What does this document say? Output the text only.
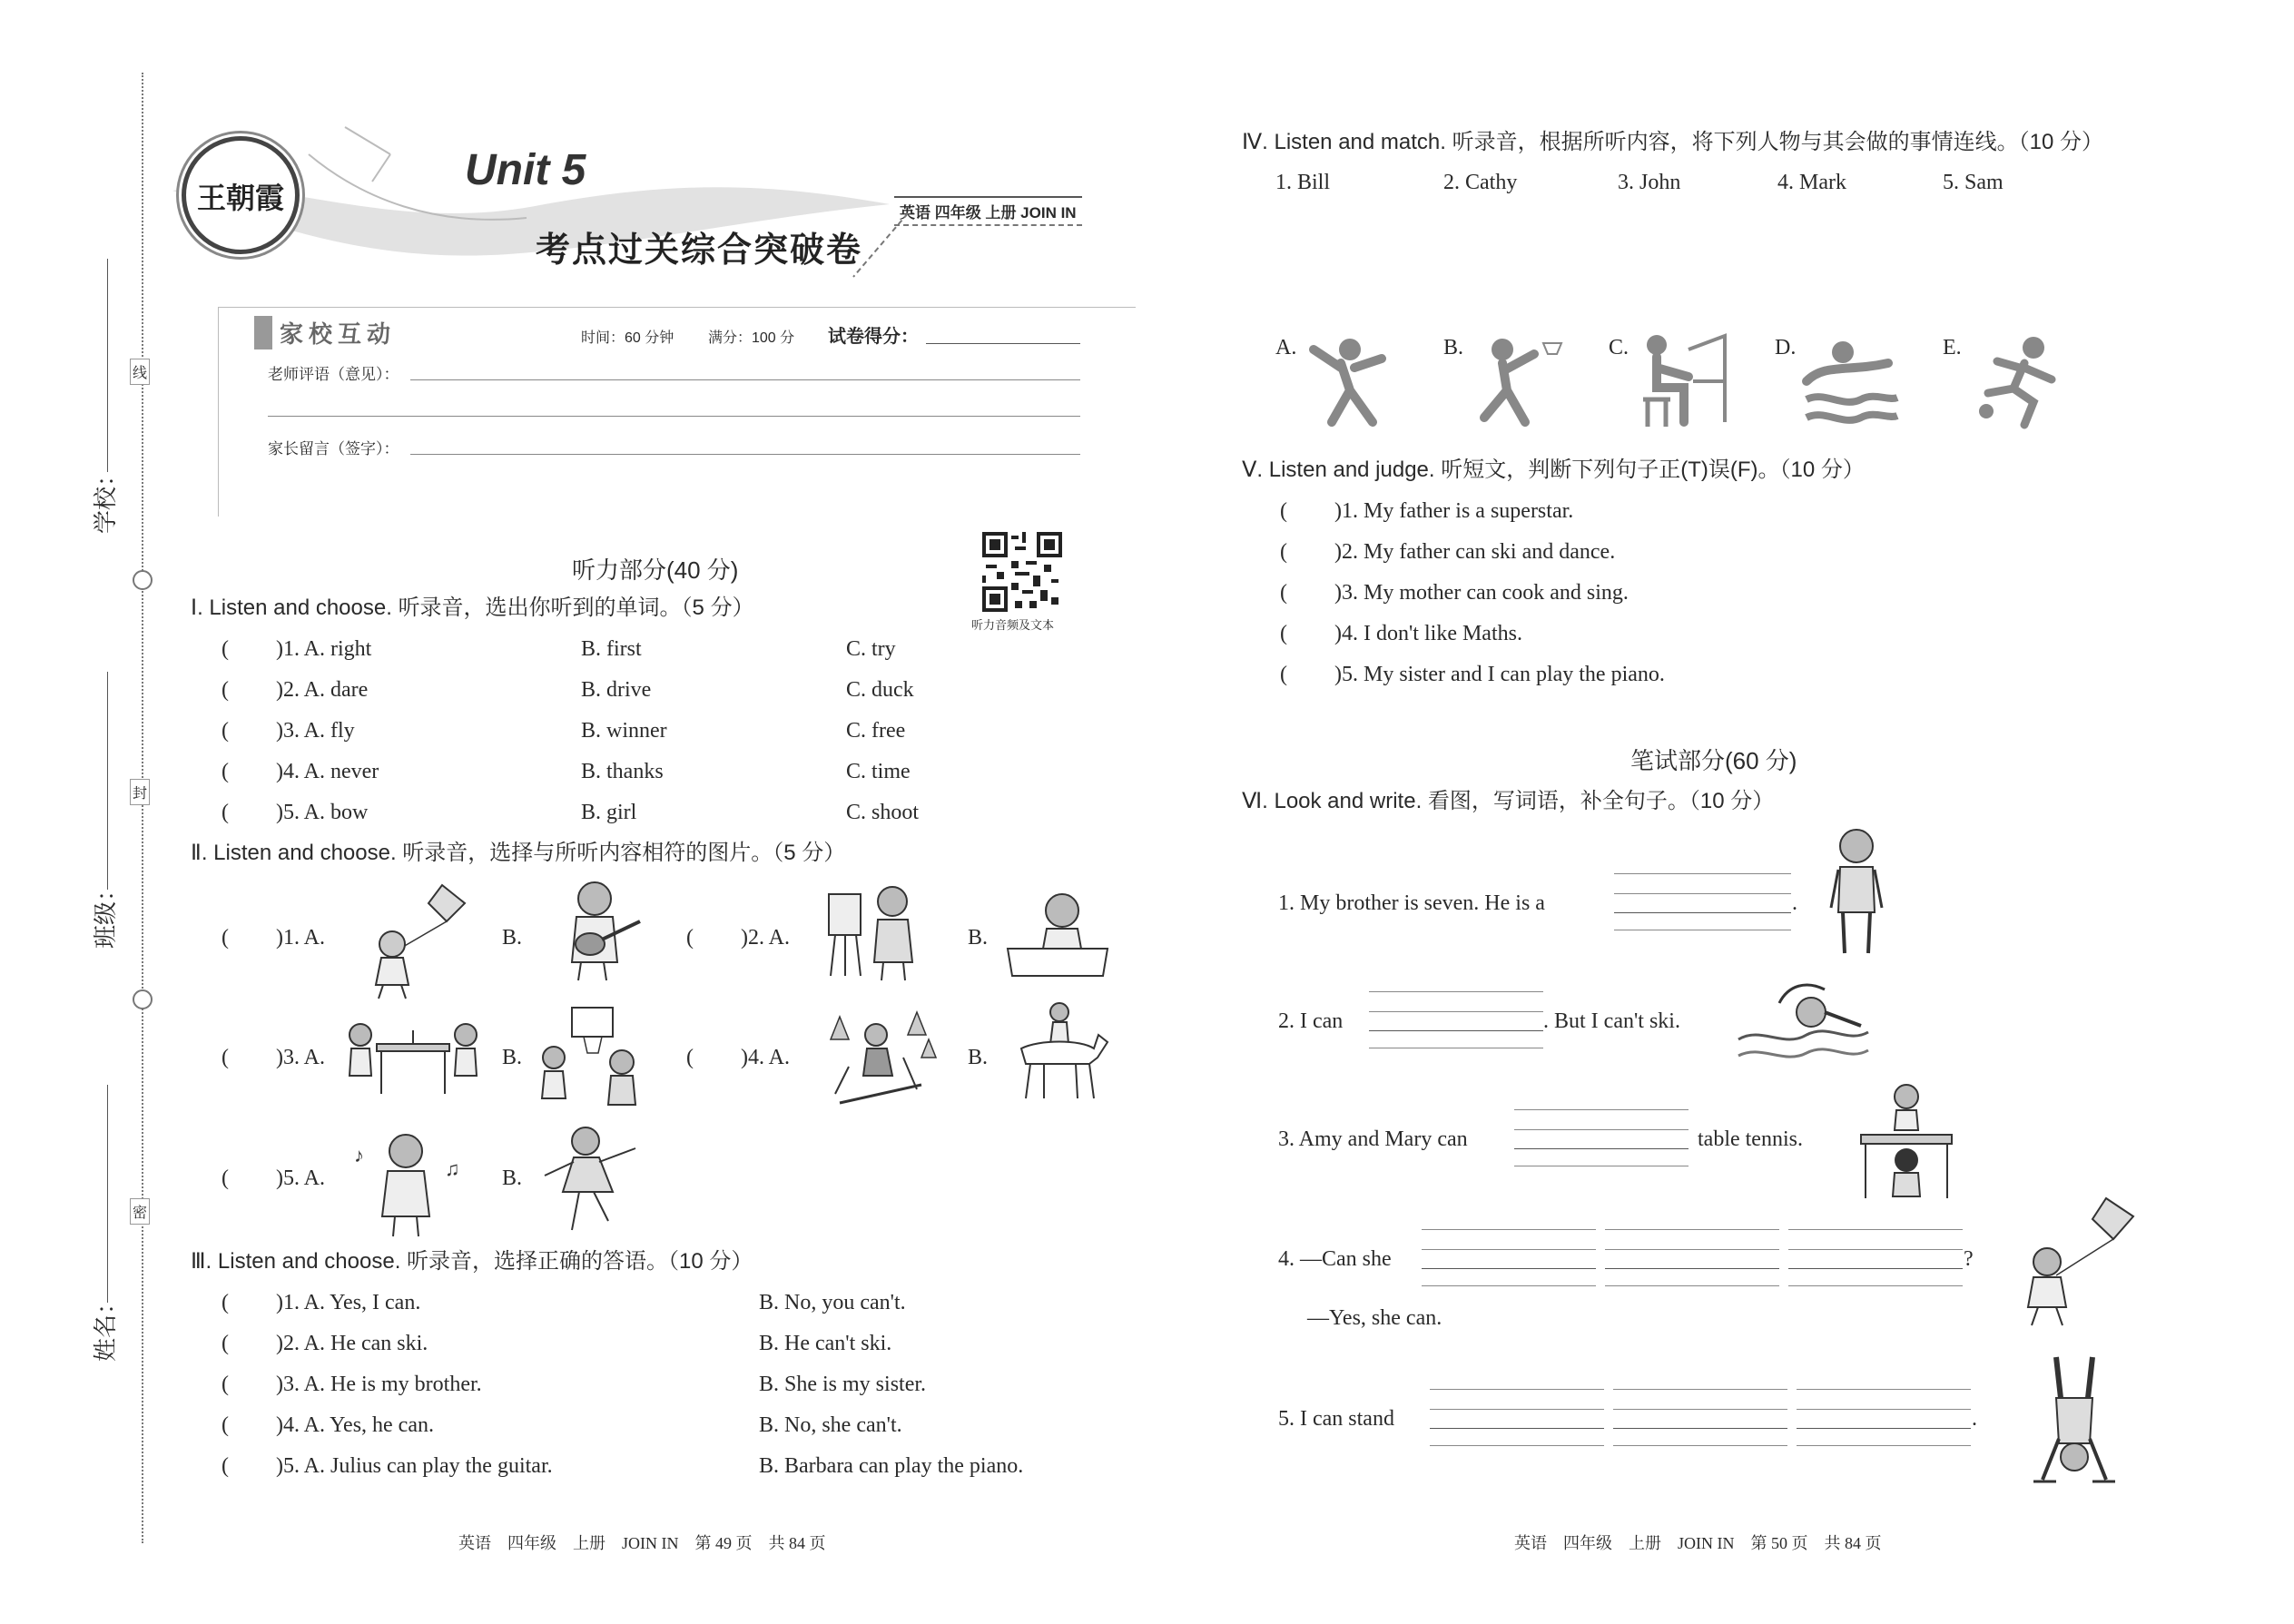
线
封
密
学校：
班级：
姓名：
王朝霞
Unit 5
考点过关综合突破卷
英语 四年级 上册 JOIN IN
家校互动	时间：60 分钟 满分：100 分 试卷得分：
老师评语（意见）：
家长留言（签字）：
听力音频及文本
听力部分(40 分)
Ⅰ. Listen and choose. 听录音，选出你听到的单词。（5 分）
( )1. A. right	B. first	C. try
( )2. A. dare	B. drive	C. duck
( )3. A. fly	B. winner	C. free
( )4. A. never	B. thanks	C. time
( )5. A. bow	B. girl	C. shoot
Ⅱ. Listen and choose. 听录音，选择与所听内容相符的图片。（5 分）
( )1. A.	B.	( )2. A.	B.
( )3. A.	B.	( )4. A.	B.
( )5. A.
♪
♫ B.
Ⅲ. Listen and choose. 听录音，选择正确的答语。（10 分）
( )1. A. Yes, I can.	B. No, you can't.
( )2. A. He can ski.	B. He can't ski.
( )3. A. He is my brother.	B. She is my sister.
( )4. A. Yes, he can.	B. No, she can't.
( )5. A. Julius can play the guitar.	B. Barbara can play the piano.
英语　四年级　上册　JOIN IN　第 49 页　共 84 页
Ⅳ. Listen and match. 听录音，根据所听内容，将下列人物与其会做的事情连线。（10 分）
1. Bill	2. Cathy	3. John	4. Mark	5. Sam
A.	B.	C.	D.	E.
Ⅴ. Listen and judge. 听短文，判断下列句子正(T)误(F)。（10 分）
( )1. My father is a superstar.
( )2. My father can ski and dance.
( )3. My mother can cook and sing.
( )4. I don't like Maths.
( )5. My sister and I can play the piano.
笔试部分(60 分)
Ⅵ. Look and write. 看图，写词语，补全句子。（10 分）
1. My brother is seven. He is a	.
2. I can	. But I can't ski.
3. Amy and Mary can	table tennis.
4. —Can she	?
—Yes, she can.
5. I can stand	.
英语　四年级　上册　JOIN IN　第 50 页　共 84 页
